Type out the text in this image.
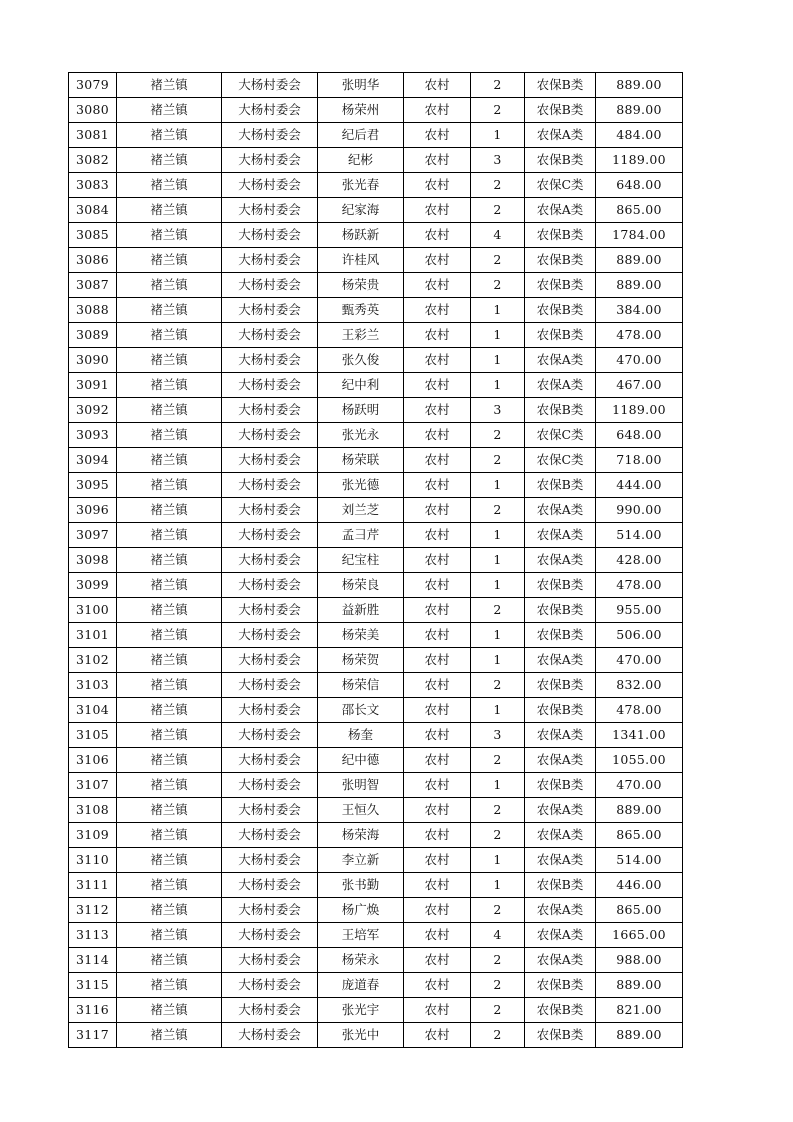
3079	褚兰镇	大杨村委会	张明华	农村	2	农保B类	889.00
3080	褚兰镇	大杨村委会	杨荣州	农村	2	农保B类	889.00
3081	褚兰镇	大杨村委会	纪后君	农村	1	农保A类	484.00
3082	褚兰镇	大杨村委会	纪彬	农村	3	农保B类	1189.00
3083	褚兰镇	大杨村委会	张光春	农村	2	农保C类	648.00
3084	褚兰镇	大杨村委会	纪家海	农村	2	农保A类	865.00
3085	褚兰镇	大杨村委会	杨跃新	农村	4	农保B类	1784.00
3086	褚兰镇	大杨村委会	许桂风	农村	2	农保B类	889.00
3087	褚兰镇	大杨村委会	杨荣贵	农村	2	农保B类	889.00
3088	褚兰镇	大杨村委会	甄秀英	农村	1	农保B类	384.00
3089	褚兰镇	大杨村委会	王彩兰	农村	1	农保B类	478.00
3090	褚兰镇	大杨村委会	张久俊	农村	1	农保A类	470.00
3091	褚兰镇	大杨村委会	纪中利	农村	1	农保A类	467.00
3092	褚兰镇	大杨村委会	杨跃明	农村	3	农保B类	1189.00
3093	褚兰镇	大杨村委会	张光永	农村	2	农保C类	648.00
3094	褚兰镇	大杨村委会	杨荣联	农村	2	农保C类	718.00
3095	褚兰镇	大杨村委会	张光德	农村	1	农保B类	444.00
3096	褚兰镇	大杨村委会	刘兰芝	农村	2	农保A类	990.00
3097	褚兰镇	大杨村委会	孟彐芹	农村	1	农保A类	514.00
3098	褚兰镇	大杨村委会	纪宝柱	农村	1	农保A类	428.00
3099	褚兰镇	大杨村委会	杨荣良	农村	1	农保B类	478.00
3100	褚兰镇	大杨村委会	益新胜	农村	2	农保B类	955.00
3101	褚兰镇	大杨村委会	杨荣美	农村	1	农保B类	506.00
3102	褚兰镇	大杨村委会	杨荣贺	农村	1	农保A类	470.00
3103	褚兰镇	大杨村委会	杨荣信	农村	2	农保B类	832.00
3104	褚兰镇	大杨村委会	邵长文	农村	1	农保B类	478.00
3105	褚兰镇	大杨村委会	杨奎	农村	3	农保A类	1341.00
3106	褚兰镇	大杨村委会	纪中德	农村	2	农保A类	1055.00
3107	褚兰镇	大杨村委会	张明智	农村	1	农保B类	470.00
3108	褚兰镇	大杨村委会	王恒久	农村	2	农保A类	889.00
3109	褚兰镇	大杨村委会	杨荣海	农村	2	农保A类	865.00
3110	褚兰镇	大杨村委会	李立新	农村	1	农保A类	514.00
3111	褚兰镇	大杨村委会	张书勤	农村	1	农保B类	446.00
3112	褚兰镇	大杨村委会	杨广焕	农村	2	农保A类	865.00
3113	褚兰镇	大杨村委会	王培军	农村	4	农保A类	1665.00
3114	褚兰镇	大杨村委会	杨荣永	农村	2	农保A类	988.00
3115	褚兰镇	大杨村委会	庞道春	农村	2	农保B类	889.00
3116	褚兰镇	大杨村委会	张光宇	农村	2	农保B类	821.00
3117	褚兰镇	大杨村委会	张光中	农村	2	农保B类	889.00
